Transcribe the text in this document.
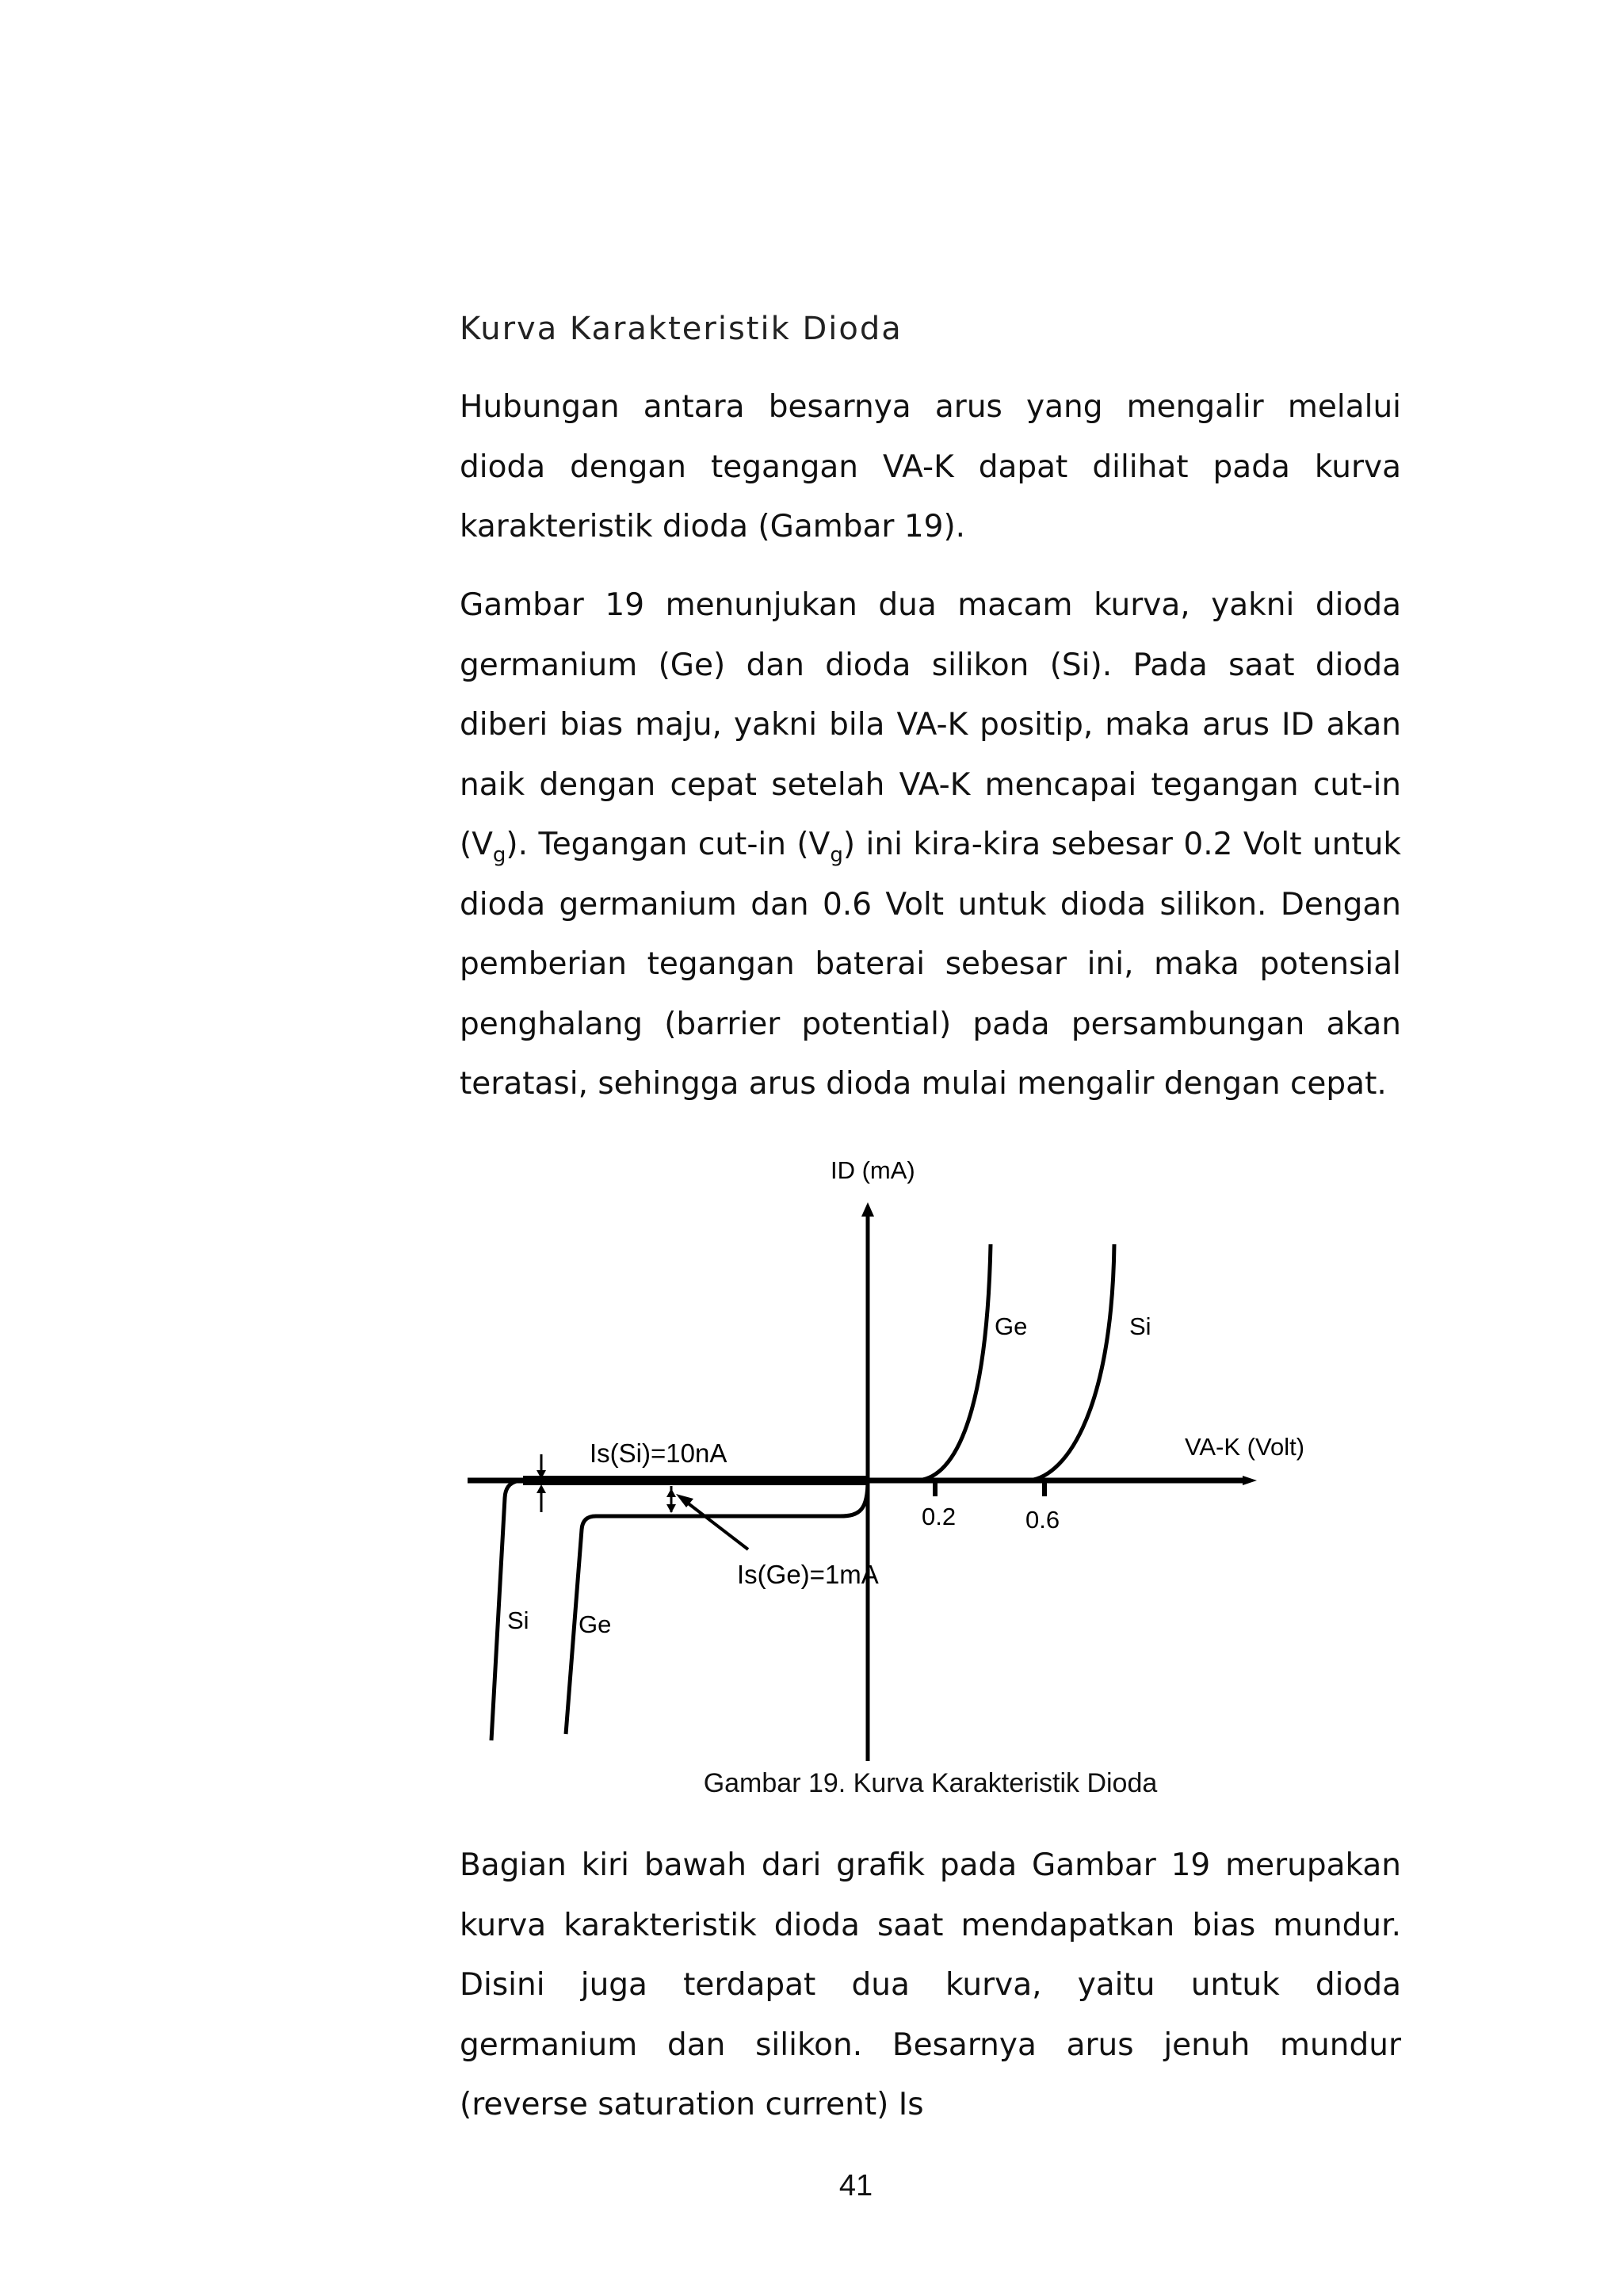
Kurva Karakteristik Dioda

Hubungan antara besarnya arus yang mengalir melalui dioda dengan tegangan VA-K dapat dilihat pada kurva karakteristik dioda (Gambar 19).

Gambar 19 menunjukan dua macam kurva, yakni dioda germanium (Ge) dan dioda silikon (Si). Pada saat dioda diberi bias maju, yakni bila VA-K positip, maka arus ID akan naik dengan cepat setelah VA-K mencapai tegangan cut-in $(V_g)$. Tegangan cut-in $(V_g)$ ini kira-kira sebesar 0.2 Volt untuk dioda germanium dan 0.6 Volt untuk dioda silikon. Dengan pemberian tegangan baterai sebesar ini, maka potensial penghalang (barrier potential) pada persambungan akan teratasi, sehingga arus dioda mulai mengalir dengan cepat.

ID (mA)
VA-K (Volt)
Ge	Si
Is(Si)=10nA
Is(Ge)=1mA
0.2	0.6
Si Ge
Gambar 19. Kurva Karakteristik Dioda

Bagian kiri bawah dari grafik pada Gambar 19 merupakan kurva karakteristik dioda saat mendapatkan bias mundur. Disini juga terdapat dua kurva, yaitu untuk dioda germanium dan silikon. Besarnya arus jenuh mundur (reverse saturation current) Is

41
